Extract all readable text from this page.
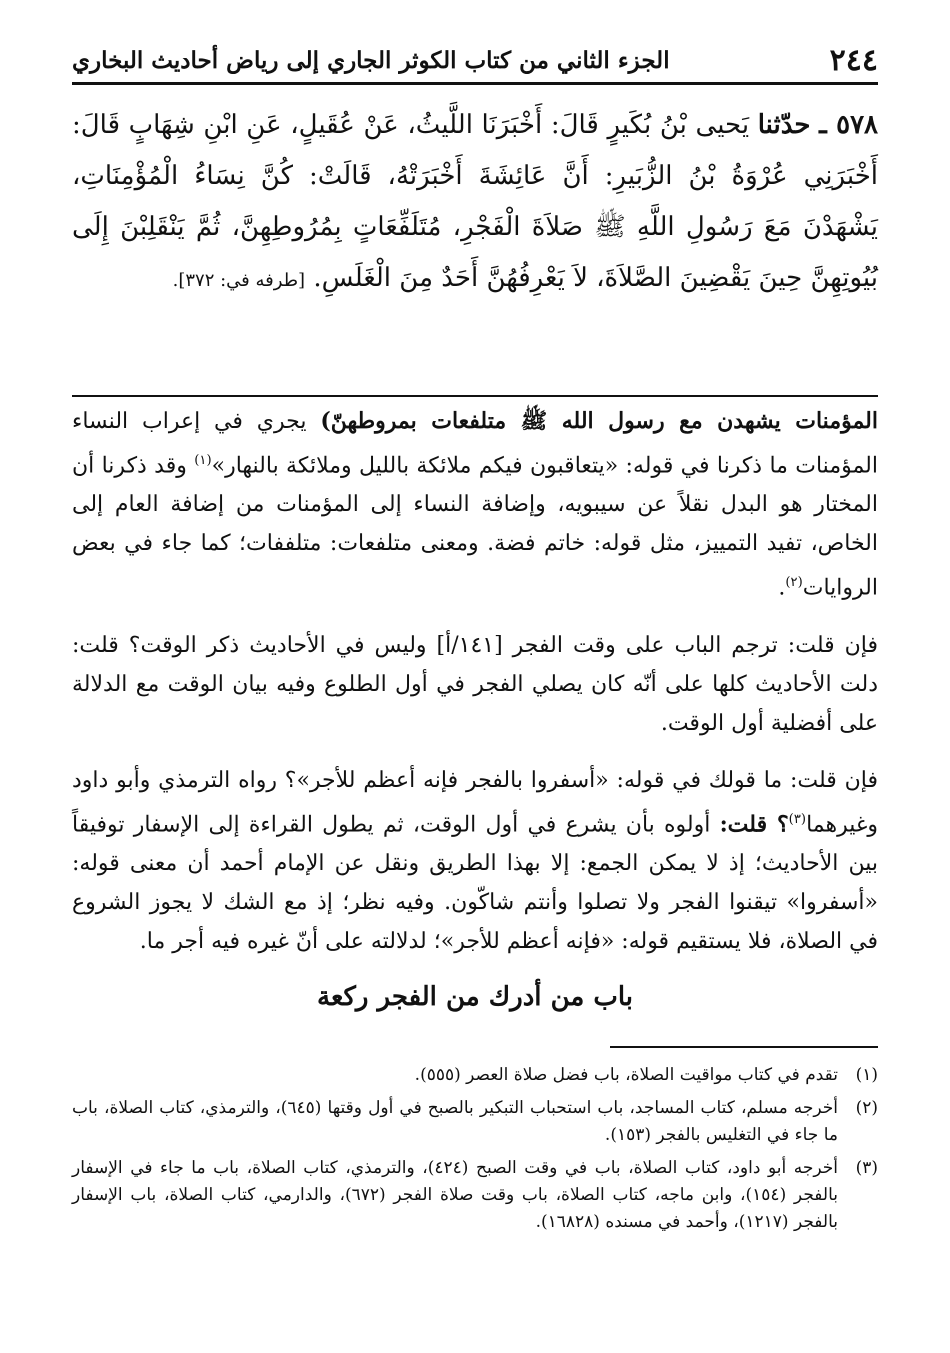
٢٤٤
الجزء الثاني من كتاب الكوثر الجاري إلى رياض أحاديث البخاري
٥٧٨ ـ حدّثنا يَحيى بْنُ بُكَيرٍ قَالَ: أَخْبَرَنَا اللَّيثُ، عَنْ عُقَيلٍ، عَنِ ابْنِ شِهَابٍ قَالَ: أَخْبَرَنِي عُرْوَةُ بْنُ الزُّبَيرِ: أَنَّ عَائِشَةَ أَخْبَرَتْهُ، قَالَتْ: كُنَّ نِسَاءُ الْمُؤْمِنَاتِ، يَشْهَدْنَ مَعَ رَسُولِ اللَّهِ ﷺ صَلاَةَ الْفَجْرِ، مُتَلَفِّعَاتٍ بِمُرُوطِهِنَّ، ثُمَّ يَنْقَلِبْنَ إِلَى بُيُوتِهِنَّ حِينَ يَقْضِينَ الصَّلاَةَ، لاَ يَعْرِفُهُنَّ أَحَدٌ مِنَ الْغَلَسِ. [طرفه في: ٣٧٢].

المؤمنات يشهدن مع رسول الله ﷺ متلفعات بمروطهنّ) يجري في إعراب النساء المؤمنات ما ذكرنا في قوله: «يتعاقبون فيكم ملائكة بالليل وملائكة بالنهار»$^{(١)}$ وقد ذكرنا أن المختار هو البدل نقلاً عن سيبويه، وإضافة النساء إلى المؤمنات من إضافة العام إلى الخاص، تفيد التمييز، مثل قوله: خاتم فضة. ومعنى متلفعات: متلففات؛ كما جاء في بعض الروايات$^{(٢)}$.

فإن قلت: ترجم الباب على وقت الفجر [١٤١/أ] وليس في الأحاديث ذكر الوقت؟ قلت: دلت الأحاديث كلها على أنّه كان يصلي الفجر في أول الطلوع وفيه بيان الوقت مع الدلالة على أفضلية أول الوقت.

فإن قلت: ما قولك في قوله: «أسفروا بالفجر فإنه أعظم للأجر»؟ رواه الترمذي وأبو داود وغيرهما$^{(٣)}$؟ قلت: أولوه بأن يشرع في أول الوقت، ثم يطول القراءة إلى الإسفار توفيقاً بين الأحاديث؛ إذ لا يمكن الجمع: إلا بهذا الطريق ونقل عن الإمام أحمد أن معنى قوله: «أسفروا» تيقنوا الفجر ولا تصلوا وأنتم شاكّون. وفيه نظر؛ إذ مع الشك لا يجوز الشروع في الصلاة، فلا يستقيم قوله: «فإنه أعظم للأجر»؛ لدلالته على أنّ غيره فيه أجر ما.

باب من أدرك من الفجر ركعة
(١)
تقدم في كتاب مواقيت الصلاة، باب فضل صلاة العصر (٥٥٥).
(٢)
أخرجه مسلم، كتاب المساجد، باب استحباب التبكير بالصبح في أول وقتها (٦٤٥)، والترمذي، كتاب الصلاة، باب ما جاء في التغليس بالفجر (١٥٣).
(٣)
أخرجه أبو داود، كتاب الصلاة، باب في وقت الصبح (٤٢٤)، والترمذي، كتاب الصلاة، باب ما جاء في الإسفار بالفجر (١٥٤)، وابن ماجه، كتاب الصلاة، باب وقت صلاة الفجر (٦٧٢)، والدارمي، كتاب الصلاة، باب الإسفار بالفجر (١٢١٧)، وأحمد في مسنده (١٦٨٢٨).
